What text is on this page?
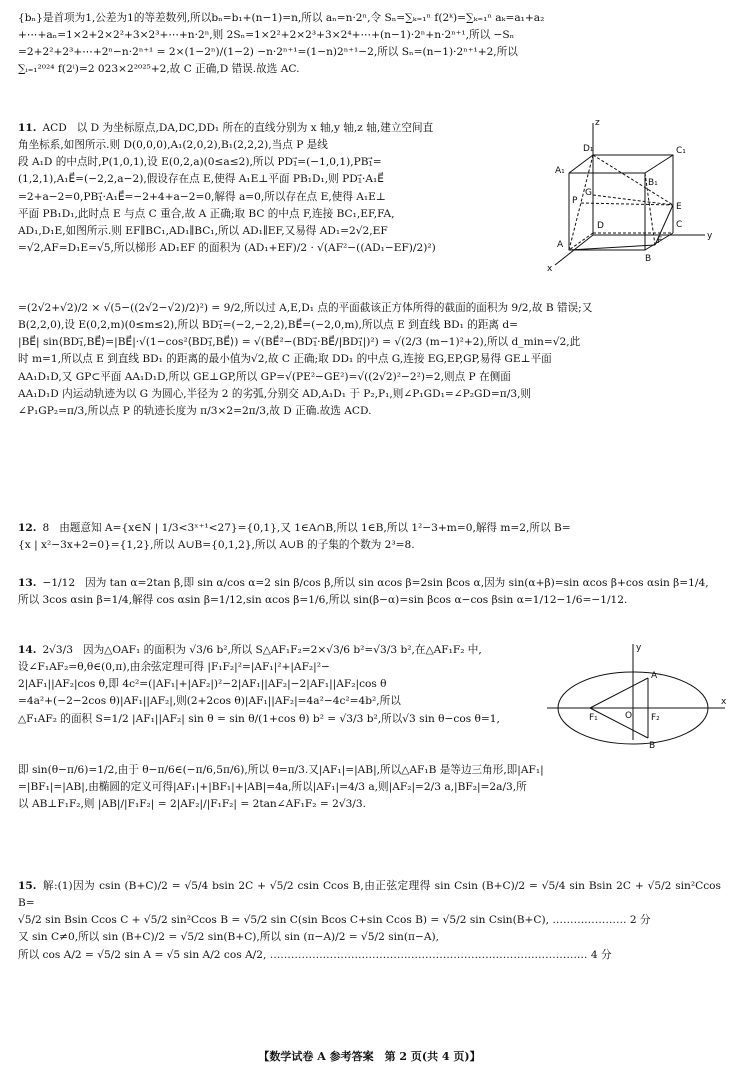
{bₙ}是首项为1,公差为1的等差数列,所以bₙ=b₁+(n−1)=n,所以 aₙ=n·2ⁿ,令 Sₙ=∑ₖ₌₁ⁿ f(2ᵏ)=∑ₖ₌₁ⁿ aₖ=a₁+a₂

+⋯+aₙ=1×2+2×2²+3×2³+⋯+n·2ⁿ,则 2Sₙ=1×2²+2×2³+3×2⁴+⋯+(n−1)·2ⁿ+n·2ⁿ⁺¹,所以 −Sₙ

=2+2²+2³+⋯+2ⁿ−n·2ⁿ⁺¹ = 2×(1−2ⁿ)/(1−2) −n·2ⁿ⁺¹=(1−n)2ⁿ⁺¹−2,所以 Sₙ=(n−1)·2ⁿ⁺¹+2,所以

∑ᵢ₌₁²⁰²⁴ f(2ⁱ)=2 023×2²⁰²⁵+2,故 C 正确,D 错误.故选 AC.

11. ACD 以 D 为坐标原点,DA,DC,DD₁ 所在的直线分别为 x 轴,y 轴,z 轴,建立空间直

角坐标系,如图所示.则 D(0,0,0),A₁(2,0,2),B₁(2,2,2),当点 P 是线

段 A₁D 的中点时,P(1,0,1),设 E(0,2,a)(0≤a≤2),所以 PD₁⃗=(−1,0,1),PB₁⃗=

(1,2,1),A₁E⃗=(−2,2,a−2),假设存在点 E,使得 A₁E⊥平面 PB₁D₁,则 PD₁⃗·A₁E⃗

=2+a−2=0,PB₁⃗·A₁E⃗=−2+4+a−2=0,解得 a=0,所以存在点 E,使得 A₁E⊥

平面 PB₁D₁,此时点 E 与点 C 重合,故 A 正确;取 BC 的中点 F,连接 BC₁,EF,FA,

AD₁,D₁E,如图所示.则 EF∥BC₁,AD₁∥BC₁,所以 AD₁∥EF,又易得 AD₁=2√2,EF

=√2,AF=D₁E=√5,所以梯形 AD₁EF 的面积为 (AD₁+EF)/2 · √(AF²−((AD₁−EF)/2)²)

D₁	C₁
A₁
B₁
P
G
E
D	C
A	F
B
x
y
z

=(2√2+√2)/2 × √(5−((2√2−√2)/2)²) = 9/2,所以过 A,E,D₁ 点的平面截该正方体所得的截面的面积为 9/2,故 B 错误;又

B(2,2,0),设 E(0,2,m)(0≤m≤2),所以 BD₁⃗=(−2,−2,2),BE⃗=(−2,0,m),所以点 E 到直线 BD₁ 的距离 d=

|BE⃗| sin⟨BD₁⃗,BE⃗⟩=|BE⃗|·√(1−cos²⟨BD₁⃗,BE⃗⟩) = √(BE⃗²−(BD₁⃗·BE⃗/|BD₁⃗|)²) = √(2/3 (m−1)²+2),所以 d_min=√2,此

时 m=1,所以点 E 到直线 BD₁ 的距离的最小值为√2,故 C 正确;取 DD₁ 的中点 G,连接 EG,EP,GP,易得 GE⊥平面

AA₁D₁D,又 GP⊂平面 AA₁D₁D,所以 GE⊥GP,所以 GP=√(PE²−GE²)=√((2√2)²−2²)=2,则点 P 在侧面

AA₁D₁D 内运动轨迹为以 G 为圆心,半径为 2 的劣弧,分别交 AD,A₁D₁ 于 P₂,P₁,则∠P₁GD₁=∠P₂GD=π/3,则

∠P₁GP₂=π/3,所以点 P 的轨迹长度为 π/3×2=2π/3,故 D 正确.故选 ACD.

12. 8 由题意知 A={x∈N | 1/3<3ˣ⁺¹<27}={0,1},又 1∈A∩B,所以 1∈B,所以 1²−3+m=0,解得 m=2,所以 B=

{x | x²−3x+2=0}={1,2},所以 A∪B={0,1,2},所以 A∪B 的子集的个数为 2³=8.

13. −1/12 因为 tan α=2tan β,即 sin α/cos α=2 sin β/cos β,所以 sin αcos β=2sin βcos α,因为 sin(α+β)=sin αcos β+cos αsin β=1/4,

所以 3cos αsin β=1/4,解得 cos αsin β=1/12,sin αcos β=1/6,所以 sin(β−α)=sin βcos α−cos βsin α=1/12−1/6=−1/12.

14. 2√3/3 因为△OAF₁ 的面积为 √3/6 b²,所以 S△AF₁F₂=2×√3/6 b²=√3/3 b²,在△AF₁F₂ 中,

设∠F₁AF₂=θ,θ∈(0,π),由余弦定理可得 |F₁F₂|²=|AF₁|²+|AF₂|²−

2|AF₁||AF₂|cos θ,即 4c²=(|AF₁|+|AF₂|)²−2|AF₁||AF₂|−2|AF₁||AF₂|cos θ

=4a²+(−2−2cos θ)|AF₁||AF₂|,则(2+2cos θ)|AF₁||AF₂|=4a²−4c²=4b²,所以

△F₁AF₂ 的面积 S=1/2 |AF₁||AF₂| sin θ = sin θ/(1+cos θ) b² = √3/3 b²,所以√3 sin θ−cos θ=1,

y
A
F₁	O F₂
x
B

即 sin(θ−π/6)=1/2,由于 θ−π/6∈(−π/6,5π/6),所以 θ=π/3.又|AF₁|=|AB|,所以△AF₁B 是等边三角形,即|AF₁|

=|BF₁|=|AB|,由椭圆的定义可得|AF₁|+|BF₁|+|AB|=4a,所以|AF₁|=4/3 a,则|AF₂|=2/3 a,|BF₂|=2a/3,所

以 AB⊥F₁F₂,则 |AB|/|F₁F₂| = 2|AF₂|/|F₁F₂| = 2tan∠AF₁F₂ = 2√3/3.

15. 解:(1)因为 csin (B+C)/2 = √5/4 bsin 2C + √5/2 csin Ccos B,由正弦定理得 sin Csin (B+C)/2 = √5/4 sin Bsin 2C + √5/2 sin²Ccos B=

√5/2 sin Bsin Ccos C + √5/2 sin²Ccos B = √5/2 sin C(sin Bcos C+sin Ccos B) = √5/2 sin Csin(B+C), ………………… 2 分

又 sin C≠0,所以 sin (B+C)/2 = √5/2 sin(B+C),所以 sin (π−A)/2 = √5/2 sin(π−A),

所以 cos A/2 = √5/2 sin A = √5 sin A/2 cos A/2, ……………………………………………………………………………… 4 分

【数学试卷 A 参考答案　第 2 页(共 4 页)】
